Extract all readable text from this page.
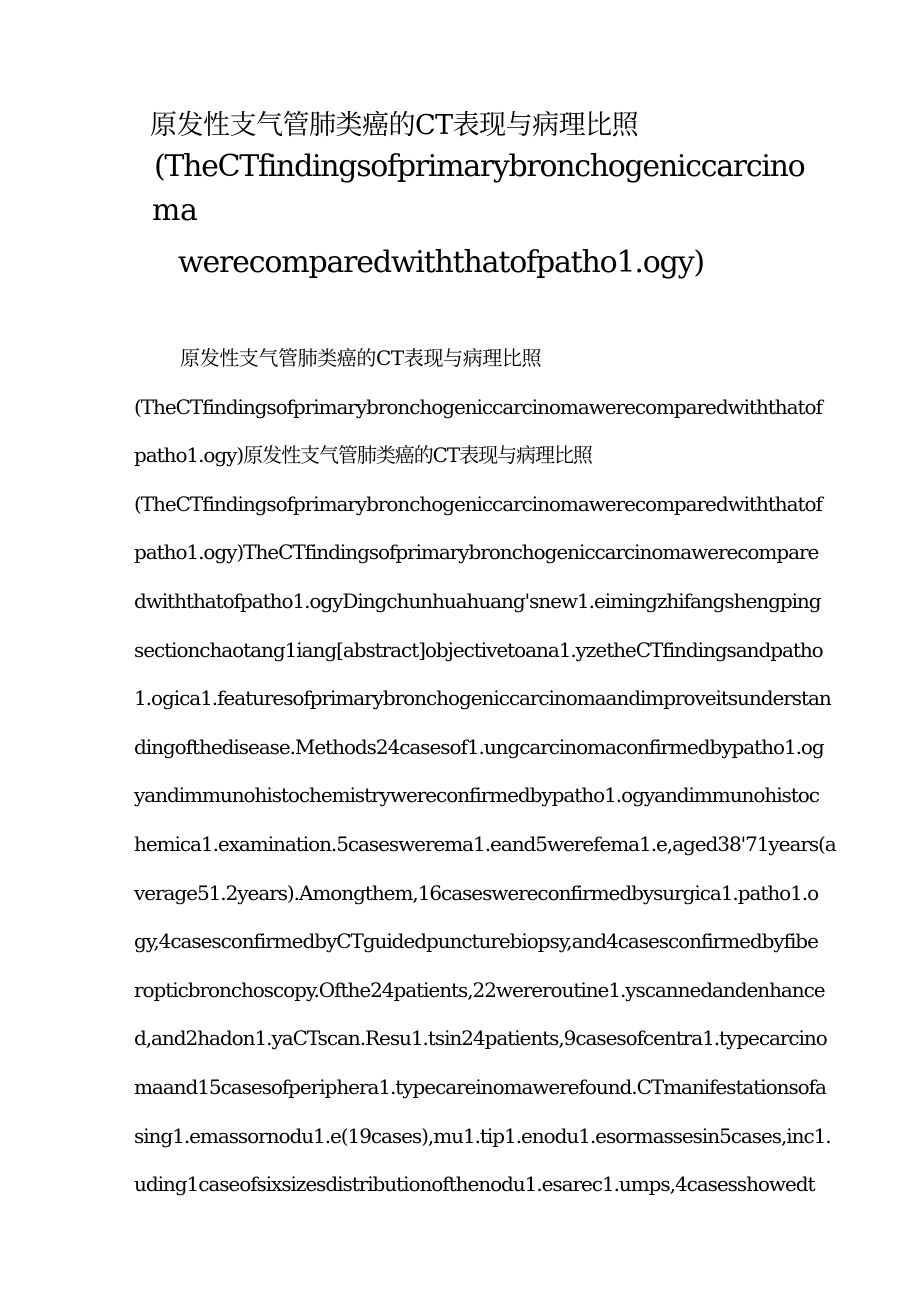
原发性支气管肺类癌的CT表现与病理比照
(TheCTfindingsofprimarybronchogeniccarcino
ma
werecomparedwiththatofpatho1.ogy)
原发性支气管肺类癌的CT表现与病理比照
(TheCTfindingsofprimarybronchogeniccarcinomawerecomparedwiththatof
patho1.ogy)原发性支气管肺类癌的CT表现与病理比照
(TheCTfindingsofprimarybronchogeniccarcinomawerecomparedwiththatof
patho1.ogy)TheCTfindingsofprimarybronchogeniccarcinomawerecompare
dwiththatofpatho1.ogyDingchunhuahuang'snew1.eimingzhifangshengping
sectionchaotang1iang[abstract]objectivetoana1.yzetheCTfindingsandpatho
1.ogica1.featuresofprimarybronchogeniccarcinomaandimproveitsunderstan
dingofthedisease.Methods24casesof1.ungcarcinomaconfirmedbypatho1.og
yandimmunohistochemistrywereconfirmedbypatho1.ogyandimmunohistoc
hemica1.examination.5caseswerema1.eand5werefema1.e,aged38'71years(a
verage51.2years).Amongthem,16caseswereconfirmedbysurgica1.patho1.o
gy,4casesconfirmedbyCTguidedpuncturebiopsy,and4casesconfirmedbyfibe
ropticbronchoscopy.Ofthe24patients,22wereroutine1.yscannedandenhance
d,and2hadon1.yaCTscan.Resu1.tsin24patients,9casesofcentra1.typecarcino
maand15casesofperiphera1.typecareinomawerefound.CTmanifestationsofa
sing1.emassornodu1.e(19cases),mu1.tip1.enodu1.esormassesin5cases,inc1.
uding1caseofsixsizesdistributionofthenodu1.esarec1.umps,4casesshowedt
